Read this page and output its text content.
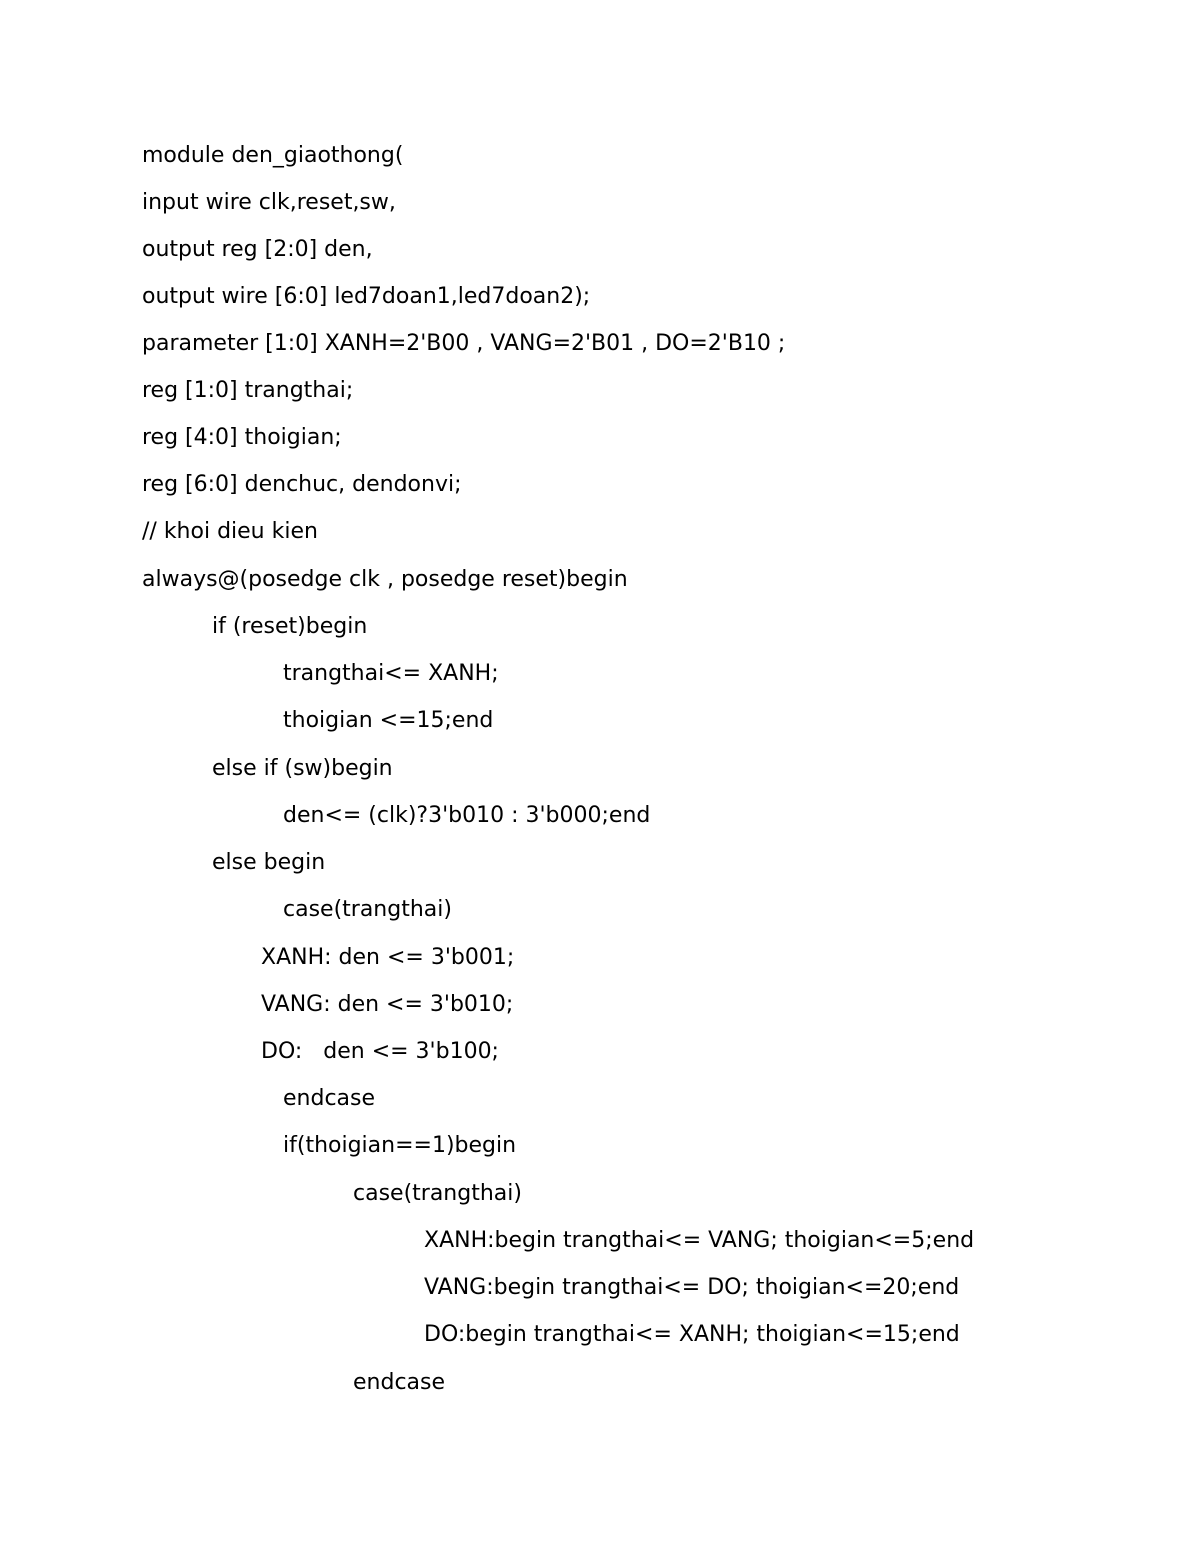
module den_giaothong(
input wire clk,reset,sw,
output reg [2:0] den,
output wire [6:0] led7doan1,led7doan2);
parameter [1:0] XANH=2'B00 , VANG=2'B01 , DO=2'B10 ;
reg [1:0] trangthai;
reg [4:0] thoigian;
reg [6:0] denchuc, dendonvi;
// khoi dieu kien
always@(posedge clk , posedge reset)begin
if (reset)begin
trangthai<= XANH;
thoigian <=15;end
else if (sw)begin
den<= (clk)?3'b010 : 3'b000;end
else begin
case(trangthai)
XANH: den <= 3'b001;
VANG: den <= 3'b010;
DO:   den <= 3'b100;
endcase
if(thoigian==1)begin
case(trangthai)
XANH:begin trangthai<= VANG; thoigian<=5;end
VANG:begin trangthai<= DO; thoigian<=20;end
DO:begin trangthai<= XANH; thoigian<=15;end
endcase
